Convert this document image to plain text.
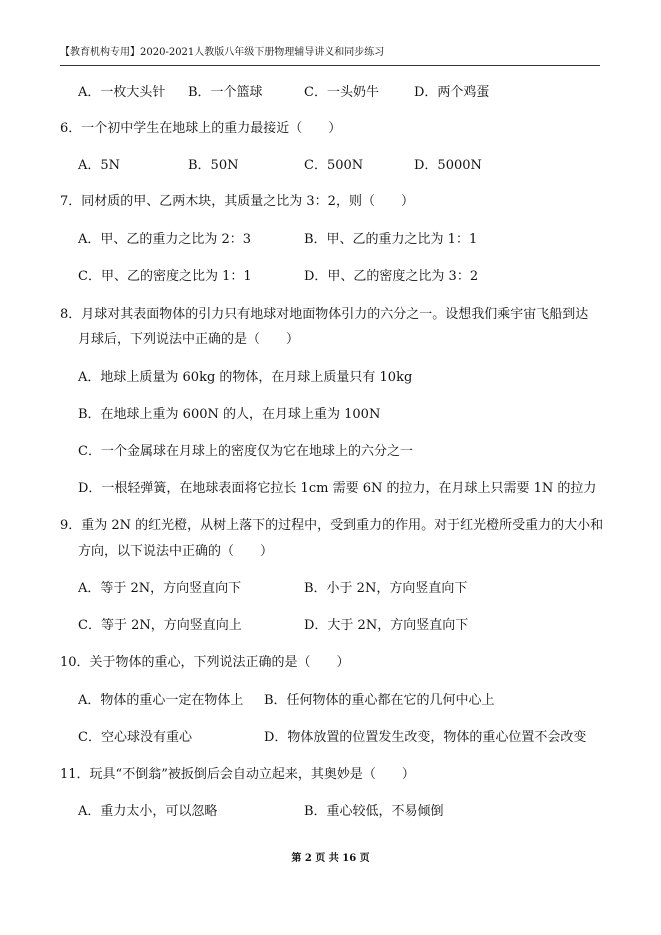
【教育机构专用】2020-2021人教版八年级下册物理辅导讲义和同步练习
A．一枚大头针 B．一个篮球	C．一头奶牛	D．两个鸡蛋
6．一个初中学生在地球上的重力最接近（　　）
A．5N	B．50N	C．500N	D．5000N
7．同材质的甲、乙两木块，其质量之比为 3：2，则（　　）
A．甲、乙的重力之比为 2：3	B．甲、乙的重力之比为 1：1
C．甲、乙的密度之比为 1：1	D．甲、乙的密度之比为 3：2
8．月球对其表面物体的引力只有地球对地面物体引力的六分之一。设想我们乘宇宙飞船到达
月球后，下列说法中正确的是（　　）
A．地球上质量为 60kg 的物体，在月球上质量只有 10kg
B．在地球上重为 600N 的人，在月球上重为 100N
C．一个金属球在月球上的密度仅为它在地球上的六分之一
D．一根轻弹簧，在地球表面将它拉长 1cm 需要 6N 的拉力，在月球上只需要 1N 的拉力
9．重为 2N 的红光橙，从树上落下的过程中，受到重力的作用。对于红光橙所受重力的大小和
方向，以下说法中正确的（　　）
A．等于 2N，方向竖直向下	B．小于 2N，方向竖直向下
C．等于 2N，方向竖直向上	D．大于 2N，方向竖直向下
10．关于物体的重心，下列说法正确的是（　　）
A．物体的重心一定在物体上 B．任何物体的重心都在它的几何中心上
C．空心球没有重心	D．物体放置的位置发生改变，物体的重心位置不会改变
11．玩具“不倒翁”被扳倒后会自动立起来，其奥妙是（　　）
A．重力太小，可以忽略	B．重心较低，不易倾倒
第 2 页 共 16 页
